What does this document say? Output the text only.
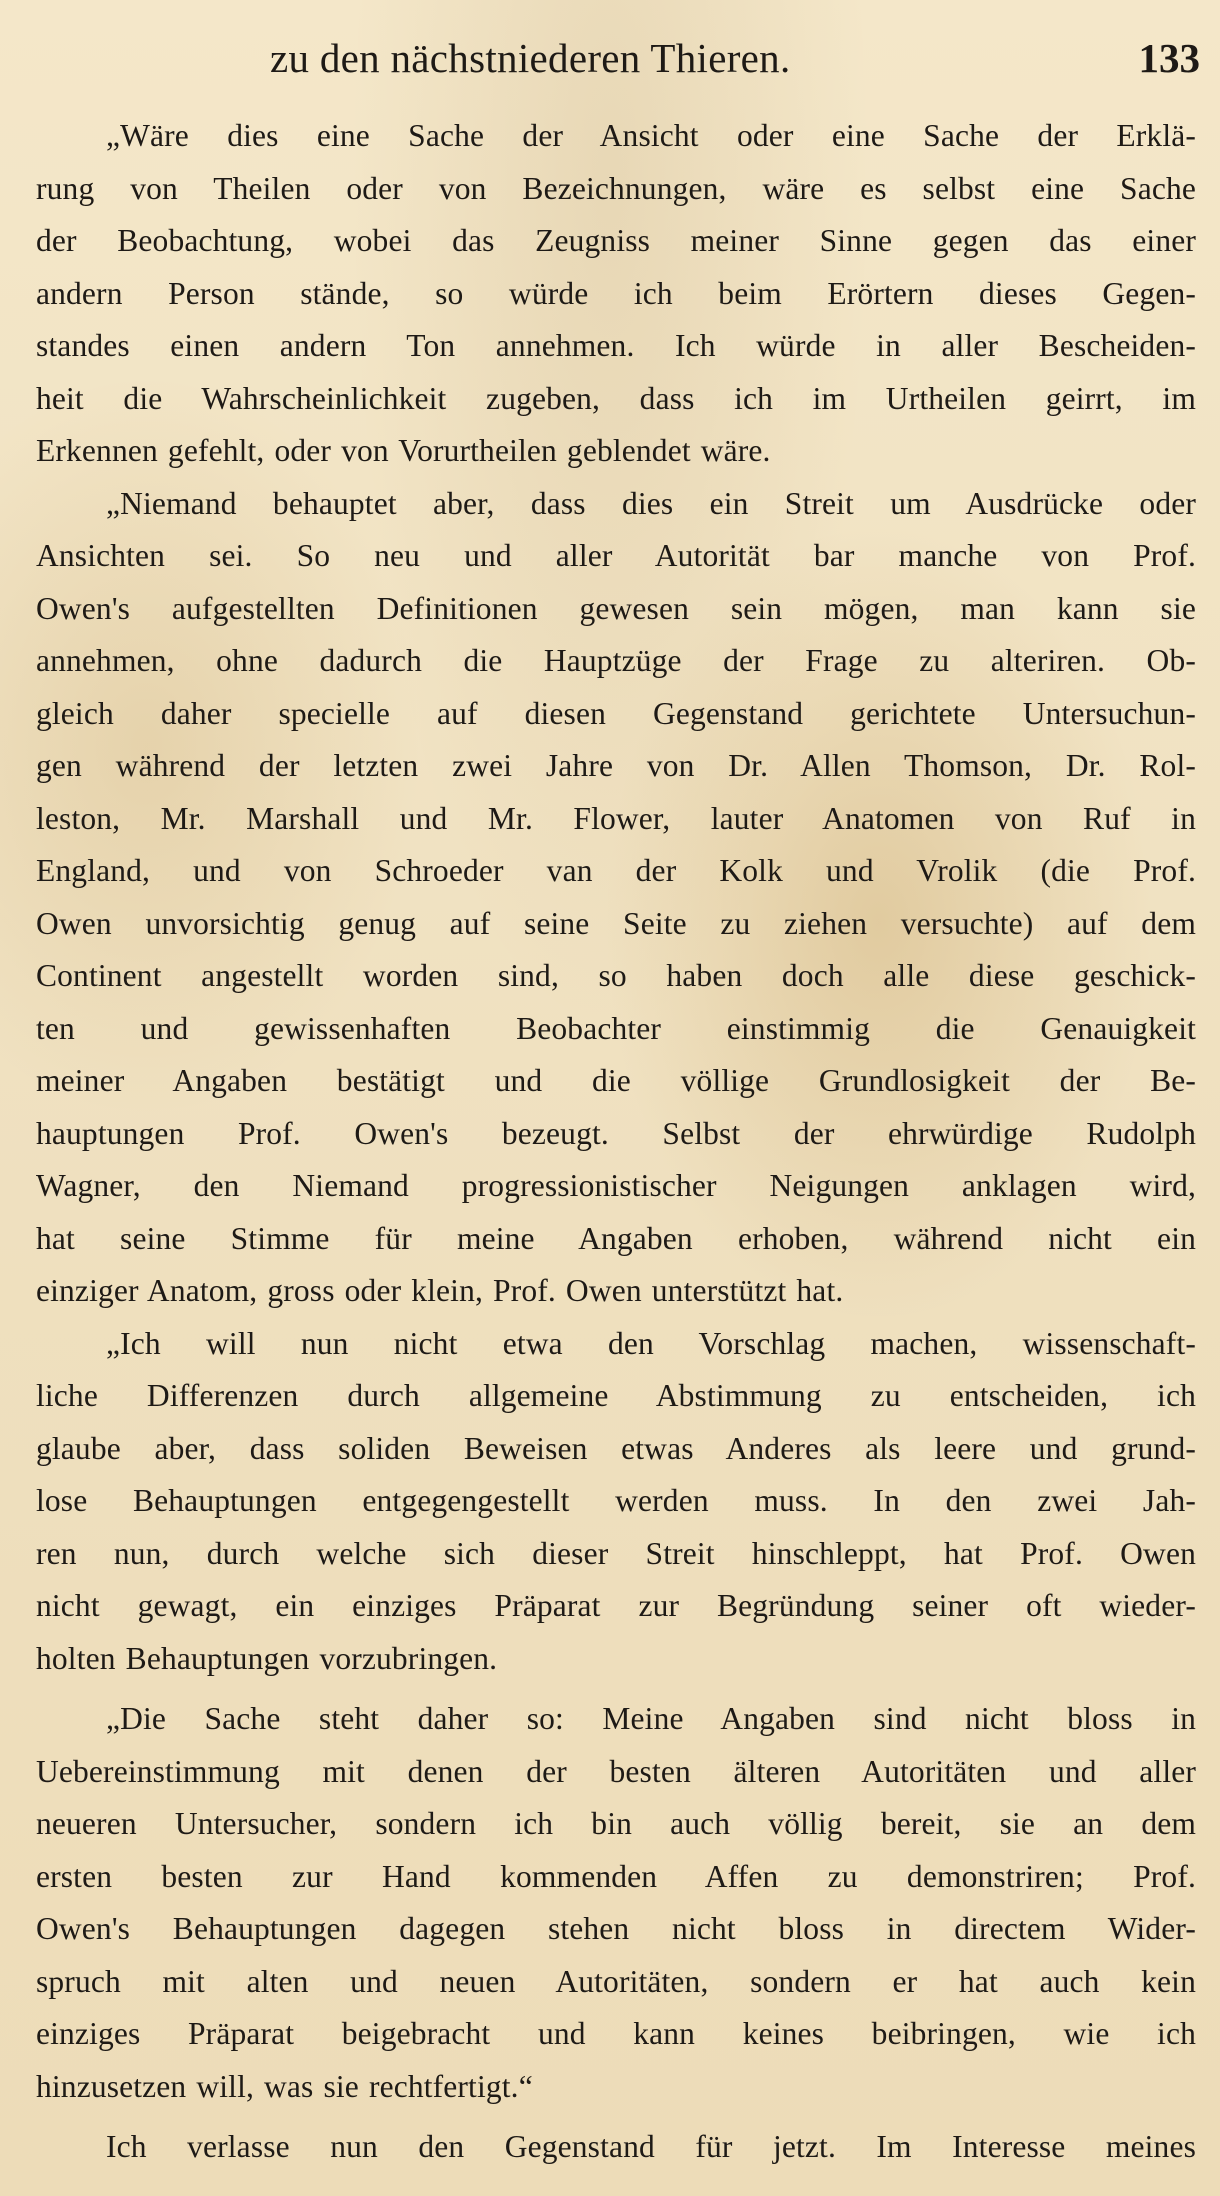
zu den nächstniederen Thieren.	133
„Wäre dies eine Sache der Ansicht oder eine Sache der Erklä-
rung von Theilen oder von Bezeichnungen, wäre es selbst eine Sache
der Beobachtung, wobei das Zeugniss meiner Sinne gegen das einer
andern Person stände, so würde ich beim Erörtern dieses Gegen-
standes einen andern Ton annehmen. Ich würde in aller Bescheiden-
heit die Wahrscheinlichkeit zugeben, dass ich im Urtheilen geirrt, im
Erkennen gefehlt, oder von Vorurtheilen geblendet wäre.
„Niemand behauptet aber, dass dies ein Streit um Ausdrücke oder
Ansichten sei. So neu und aller Autorität bar manche von Prof.
Owen's aufgestellten Definitionen gewesen sein mögen, man kann sie
annehmen, ohne dadurch die Hauptzüge der Frage zu alteriren. Ob-
gleich daher specielle auf diesen Gegenstand gerichtete Untersuchun-
gen während der letzten zwei Jahre von Dr. Allen Thomson, Dr. Rol-
leston, Mr. Marshall und Mr. Flower, lauter Anatomen von Ruf in
England, und von Schroeder van der Kolk und Vrolik (die Prof.
Owen unvorsichtig genug auf seine Seite zu ziehen versuchte) auf dem
Continent angestellt worden sind, so haben doch alle diese geschick-
ten und gewissenhaften Beobachter einstimmig die Genauigkeit
meiner Angaben bestätigt und die völlige Grundlosigkeit der Be-
hauptungen Prof. Owen's bezeugt. Selbst der ehrwürdige Rudolph
Wagner, den Niemand progressionistischer Neigungen anklagen wird,
hat seine Stimme für meine Angaben erhoben, während nicht ein
einziger Anatom, gross oder klein, Prof. Owen unterstützt hat.
„Ich will nun nicht etwa den Vorschlag machen, wissenschaft-
liche Differenzen durch allgemeine Abstimmung zu entscheiden, ich
glaube aber, dass soliden Beweisen etwas Anderes als leere und grund-
lose Behauptungen entgegengestellt werden muss. In den zwei Jah-
ren nun, durch welche sich dieser Streit hinschleppt, hat Prof. Owen
nicht gewagt, ein einziges Präparat zur Begründung seiner oft wieder-
holten Behauptungen vorzubringen.
„Die Sache steht daher so: Meine Angaben sind nicht bloss in
Uebereinstimmung mit denen der besten älteren Autoritäten und aller
neueren Untersucher, sondern ich bin auch völlig bereit, sie an dem
ersten besten zur Hand kommenden Affen zu demonstriren; Prof.
Owen's Behauptungen dagegen stehen nicht bloss in directem Wider-
spruch mit alten und neuen Autoritäten, sondern er hat auch kein
einziges Präparat beigebracht und kann keines beibringen, wie ich
hinzusetzen will, was sie rechtfertigt.“
Ich verlasse nun den Gegenstand für jetzt. Im Interesse meines
